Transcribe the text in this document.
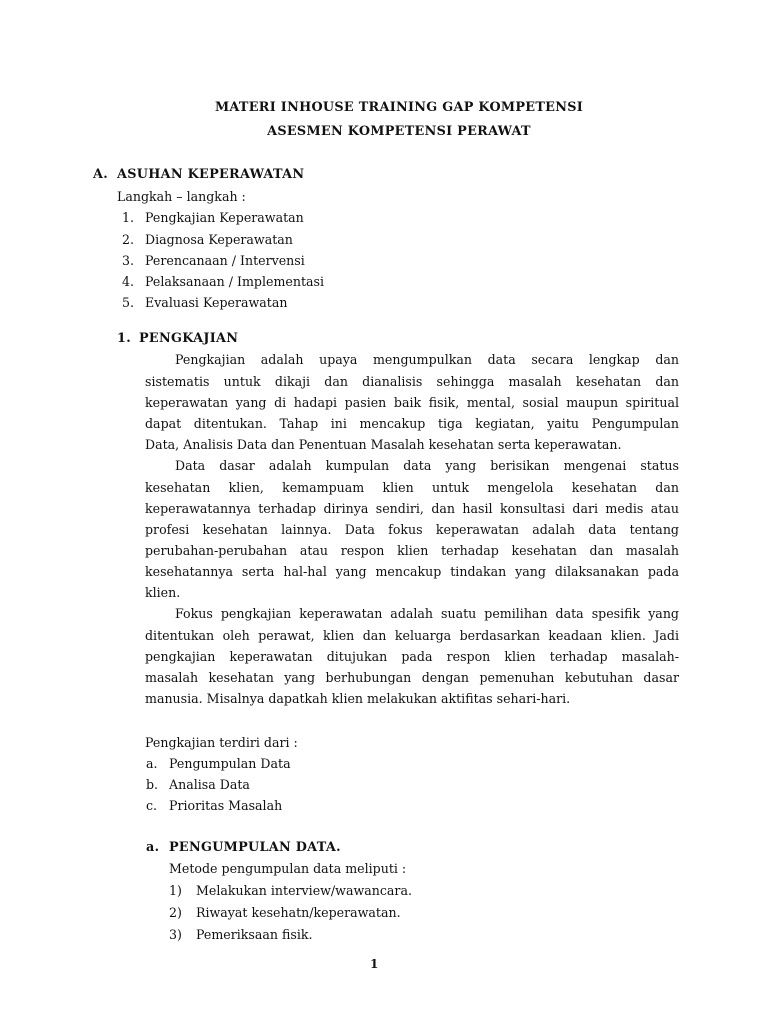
MATERI INHOUSE TRAINING GAP KOMPETENSI
ASESMEN KOMPETENSI PERAWAT
A. ASUHAN KEPERAWATAN
Langkah – langkah :
1. Pengkajian Keperawatan
2. Diagnosa Keperawatan
3. Perencanaan / Intervensi
4. Pelaksanaan / Implementasi
5. Evaluasi Keperawatan
1. PENGKAJIAN
Pengkajian adalah upaya mengumpulkan data secara lengkap dan
sistematis untuk dikaji dan dianalisis sehingga masalah kesehatan dan
keperawatan yang di hadapi pasien baik fisik, mental, sosial maupun spiritual
dapat ditentukan. Tahap ini mencakup tiga kegiatan, yaitu Pengumpulan
Data, Analisis Data dan Penentuan Masalah kesehatan serta keperawatan.
Data dasar adalah kumpulan data yang berisikan mengenai status
kesehatan klien, kemampuam klien untuk mengelola kesehatan dan
keperawatannya terhadap dirinya sendiri, dan hasil konsultasi dari medis atau
profesi kesehatan lainnya. Data fokus keperawatan adalah data tentang
perubahan-perubahan atau respon klien terhadap kesehatan dan masalah
kesehatannya serta hal-hal yang mencakup tindakan yang dilaksanakan pada
klien.
Fokus pengkajian keperawatan adalah suatu pemilihan data spesifik yang
ditentukan oleh perawat, klien dan keluarga berdasarkan keadaan klien. Jadi
pengkajian keperawatan ditujukan pada respon klien terhadap masalah-
masalah kesehatan yang berhubungan dengan pemenuhan kebutuhan dasar
manusia. Misalnya dapatkah klien melakukan aktifitas sehari-hari.
Pengkajian terdiri dari :
a. Pengumpulan Data
b. Analisa Data
c. Prioritas Masalah
a. PENGUMPULAN DATA.
Metode pengumpulan data meliputi :
1)	Melakukan interview/wawancara.
2)	Riwayat kesehatn/keperawatan.
3)	Pemeriksaan fisik.
1
